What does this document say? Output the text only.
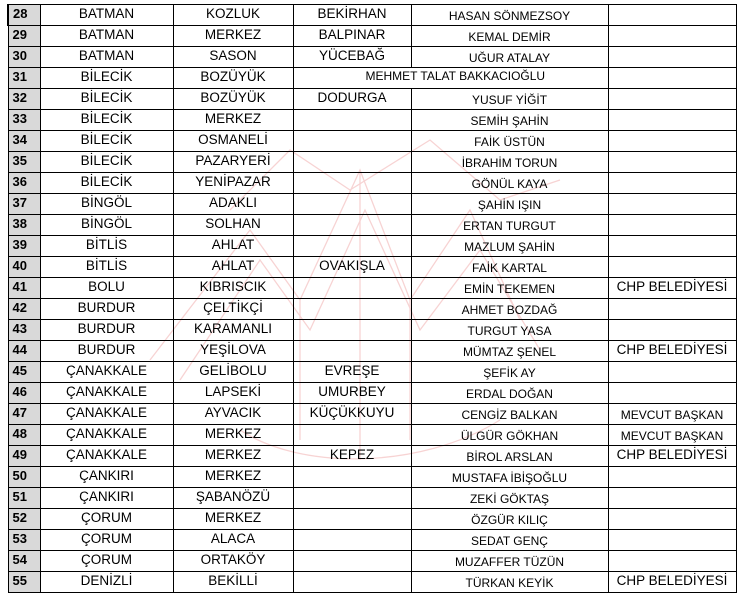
28	BATMAN	KOZLUK	BEKİRHAN	HASAN SÖNMEZSOY	
29	BATMAN	MERKEZ	BALPINAR	KEMAL DEMİR	
30	BATMAN	SASON	YÜCEBAĞ	UĞUR ATALAY	
31	BİLECİK	BOZÜYÜK	MEHMET TALAT BAKKACIOĞLU		
32	BİLECİK	BOZÜYÜK	DODURGA	YUSUF YİĞİT	
33	BİLECİK	MERKEZ		SEMİH ŞAHİN	
34	BİLECİK	OSMANELİ		FAİK ÜSTÜN	
35	BİLECİK	PAZARYERİ		İBRAHİM TORUN	
36	BİLECİK	YENİPAZAR		GÖNÜL KAYA	
37	BİNGÖL	ADAKLI		ŞAHİN IŞIN	
38	BİNGÖL	SOLHAN		ERTAN TURGUT	
39	BİTLİS	AHLAT		MAZLUM ŞAHİN	
40	BİTLİS	AHLAT	OVAKIŞLA	FAİK KARTAL	
41	BOLU	KIBRISCIK		EMİN TEKEMEN	CHP BELEDİYESİ
42	BURDUR	ÇELTİKÇİ		AHMET BOZDAĞ	
43	BURDUR	KARAMANLI		TURGUT YASA	
44	BURDUR	YEŞİLOVA		MÜMTAZ ŞENEL	CHP BELEDİYESİ
45	ÇANAKKALE	GELİBOLU	EVREŞE	ŞEFİK AY	
46	ÇANAKKALE	LAPSEKİ	UMURBEY	ERDAL DOĞAN	
47	ÇANAKKALE	AYVACIK	KÜÇÜKKUYU	CENGİZ BALKAN	MEVCUT BAŞKAN
48	ÇANAKKALE	MERKEZ		ÜLGÜR GÖKHAN	MEVCUT BAŞKAN
49	ÇANAKKALE	MERKEZ	KEPEZ	BİROL ARSLAN	CHP BELEDİYESİ
50	ÇANKIRI	MERKEZ		MUSTAFA İBİŞOĞLU	
51	ÇANKIRI	ŞABANÖZÜ		ZEKİ GÖKTAŞ	
52	ÇORUM	MERKEZ		ÖZGÜR KILIÇ	
53	ÇORUM	ALACA		SEDAT GENÇ	
54	ÇORUM	ORTAKÖY		MUZAFFER TÜZÜN	
55	DENİZLİ	BEKİLLİ		TÜRKAN KEYİK	CHP BELEDİYESİ
